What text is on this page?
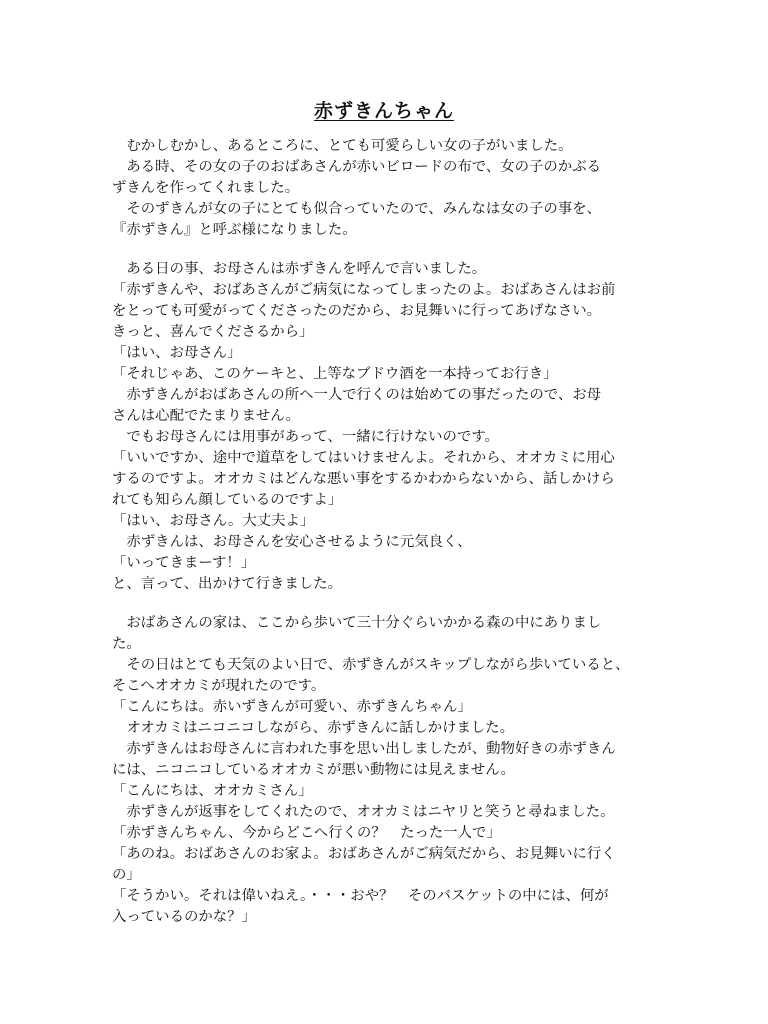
赤ずきんちゃん
　むかしむかし、あるところに、とても可愛らしい女の子がいました。
　ある時、その女の子のおばあさんが赤いビロードの布で、女の子のかぶる
ずきんを作ってくれました。
　そのずきんが女の子にとても似合っていたので、みんなは女の子の事を、
『赤ずきん』と呼ぶ様になりました。
　ある日の事、お母さんは赤ずきんを呼んで言いました。
「赤ずきんや、おばあさんがご病気になってしまったのよ。おばあさんはお前
をとっても可愛がってくださったのだから、お見舞いに行ってあげなさい。
きっと、喜んでくださるから」
「はい、お母さん」
「それじゃあ、このケーキと、上等なブドウ酒を一本持ってお行き」
　赤ずきんがおばあさんの所へ一人で行くのは始めての事だったので、お母
さんは心配でたまりません。
　でもお母さんには用事があって、一緒に行けないのです。
「いいですか、途中で道草をしてはいけませんよ。それから、オオカミに用心
するのですよ。オオカミはどんな悪い事をするかわからないから、話しかけら
れても知らん顔しているのですよ」
「はい、お母さん。大丈夫よ」
　赤ずきんは、お母さんを安心させるように元気良く、
「いってきまーす！」
と、言って、出かけて行きました。
　おばあさんの家は、ここから歩いて三十分ぐらいかかる森の中にありまし
た。
　その日はとても天気のよい日で、赤ずきんがスキップしながら歩いていると、
そこへオオカミが現れたのです。
「こんにちは。赤いずきんが可愛い、赤ずきんちゃん」
　オオカミはニコニコしながら、赤ずきんに話しかけました。
　赤ずきんはお母さんに言われた事を思い出しましたが、動物好きの赤ずきん
には、ニコニコしているオオカミが悪い動物には見えません。
「こんにちは、オオカミさん」
　赤ずきんが返事をしてくれたので、オオカミはニヤリと笑うと尋ねました。
「赤ずきんちゃん、今からどこへ行くの？　たった一人で」
「あのね。おばあさんのお家よ。おばあさんがご病気だから、お見舞いに行く
の」
「そうかい。それは偉いねえ。・・・おや？　そのバスケットの中には、何が
入っているのかな？」
